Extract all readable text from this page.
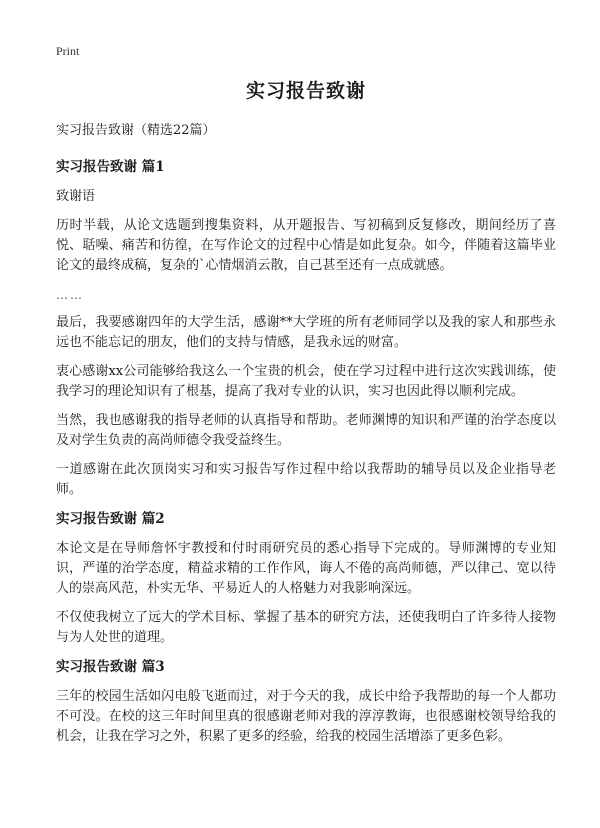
Print
实习报告致谢
实习报告致谢（精选22篇）
实习报告致谢 篇1

致谢语

历时半载，从论文选题到搜集资料，从开题报告、写初稿到反复修改，期间经历了喜悦、聒噪、痛苦和彷徨，在写作论文的过程中心情是如此复杂。如今，伴随着这篇毕业论文的最终成稿，复杂的`心情烟消云散，自己甚至还有一点成就感。

……

最后，我要感谢四年的大学生活，感谢**大学班的所有老师同学以及我的家人和那些永远也不能忘记的朋友，他们的支持与情感，是我永远的财富。

衷心感谢xx公司能够给我这么一个宝贵的机会，使在学习过程中进行这次实践训练，使我学习的理论知识有了根基，提高了我对专业的认识，实习也因此得以顺利完成。

当然，我也感谢我的指导老师的认真指导和帮助。老师渊博的知识和严谨的治学态度以及对学生负责的高尚师德令我受益终生。

一道感谢在此次顶岗实习和实习报告写作过程中给以我帮助的辅导员以及企业指导老师。

实习报告致谢 篇2

本论文是在导师詹怀宇教授和付时雨研究员的悉心指导下完成的。导师渊博的专业知识，严谨的治学态度，精益求精的工作作风，诲人不倦的高尚师德，严以律己、宽以待人的崇高风范，朴实无华、平易近人的人格魅力对我影响深远。

不仅使我树立了远大的学术目标、掌握了基本的研究方法，还使我明白了许多待人接物与为人处世的道理。

实习报告致谢 篇3

三年的校园生活如闪电般飞逝而过，对于今天的我，成长中给予我帮助的每一个人都功不可没。在校的这三年时间里真的很感谢老师对我的淳淳教诲，也很感谢校领导给我的机会，让我在学习之外，积累了更多的经验，给我的校园生活增添了更多色彩。
